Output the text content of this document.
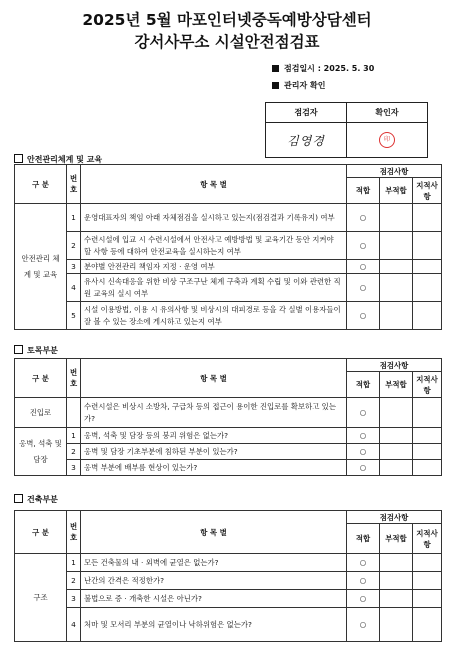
2025년 5월 마포인터넷중독예방상담센터
강서사무소 시설안전점검표
점검일시 : 2025. 5. 30
관리자 확인
점검자	확인자
김영경	印
안전관리체계 및 교육
구 분	번호	항 목 별	점검사항		
			적합	부적합	지적사항
안전관리 체계 및 교육	1	운영대표자의 책임 아래 자체점검을 실시하고 있는지(점검결과 기록유지) 여부	○		
	2	수련시설에 입교 시 수련시설에서 안전사고 예방방법 및 교육기간 동안 지켜야 할 사항 등에 대하여 안전교육을 실시하는지 여부	○		
	3	분야별 안전관리 책임자 지정 · 운영 여부	○		
	4	유사시 신속대응을 위한 비상 구조구난 체계 구축과 계획 수립 및 이와 관련한 직원 교육의 실시 여부	○		
	5	시설 이용방법, 이용 시 유의사항 및 비상시의 대피경로 등을 각 실별 이용자들이 잘 볼 수 있는 장소에 게시하고 있는지 여부	○		
토목부분
구 분	번호	항 목 별	점검사항		
			적합	부적합	지적사항
진입로		수련시설은 비상시 소방차, 구급차 등의 접근이 용이한 진입로를 확보하고 있는가?	○		
옹벽, 석축 및 담장	1	옹벽, 석축 및 담장 등의 붕괴 위험은 없는가?	○		
	2	옹벽 및 담장 기초부분에 침하된 부분이 있는가?	○		
	3	옹벽 부분에 배부름 현상이 있는가?	○		
건축부분
구 분	번호	항 목 별	점검사항		
			적합	부적합	지적사항
구조	1	모든 건축물의 내 · 외벽에 균열은 없는가?	○		
	2	난간의 간격은 적정한가?	○		
	3	불법으로 증 · 개축한 시설은 아닌가?	○		
	4	처마 및 모서리 부분의 균열이나 낙하위험은 없는가?	○		
